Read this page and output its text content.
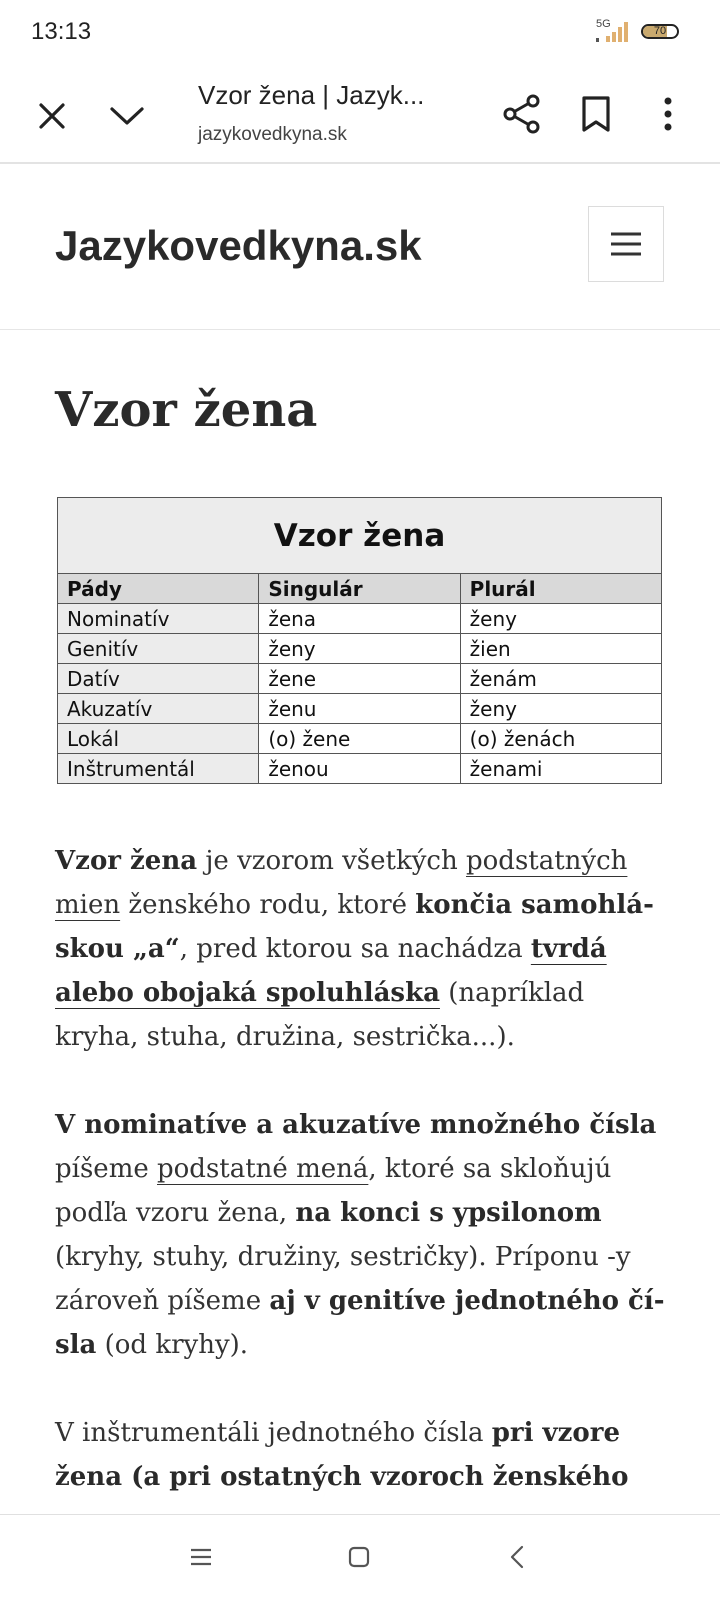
13:13	5G
70
Vzor žena | Jazyk...
jazykovedkyna.sk
Jazykovedkyna.sk
Vzor žena
Vzor žena		
Pády	Singulár	Plurál
Nominatív	žena	ženy
Genitív	ženy	žien
Datív	žene	ženám
Akuzatív	ženu	ženy
Lokál	(o) žene	(o) ženách
Inštrumentál	ženou	ženami

Vzor žena je vzorom všetkých podstatných mien ženského rodu, ktoré končia samohláskou „a“, pred ktorou sa nachádza tvrdá alebo obojaká spoluhláska (napríklad kryha, stuha, družina, sestrička...).

V nominatíve a akuzatíve množného čísla píšeme podstatné mená, ktoré sa skloňujú podľa vzoru žena, na konci s ypsilonom (kryhy, stuhy, družiny, sestričky). Príponu -y zároveň píšeme aj v genitíve jednotného čísla (od kryhy).

V inštrumentáli jednotného čísla pri vzore žena (a pri ostatných vzoroch ženského
